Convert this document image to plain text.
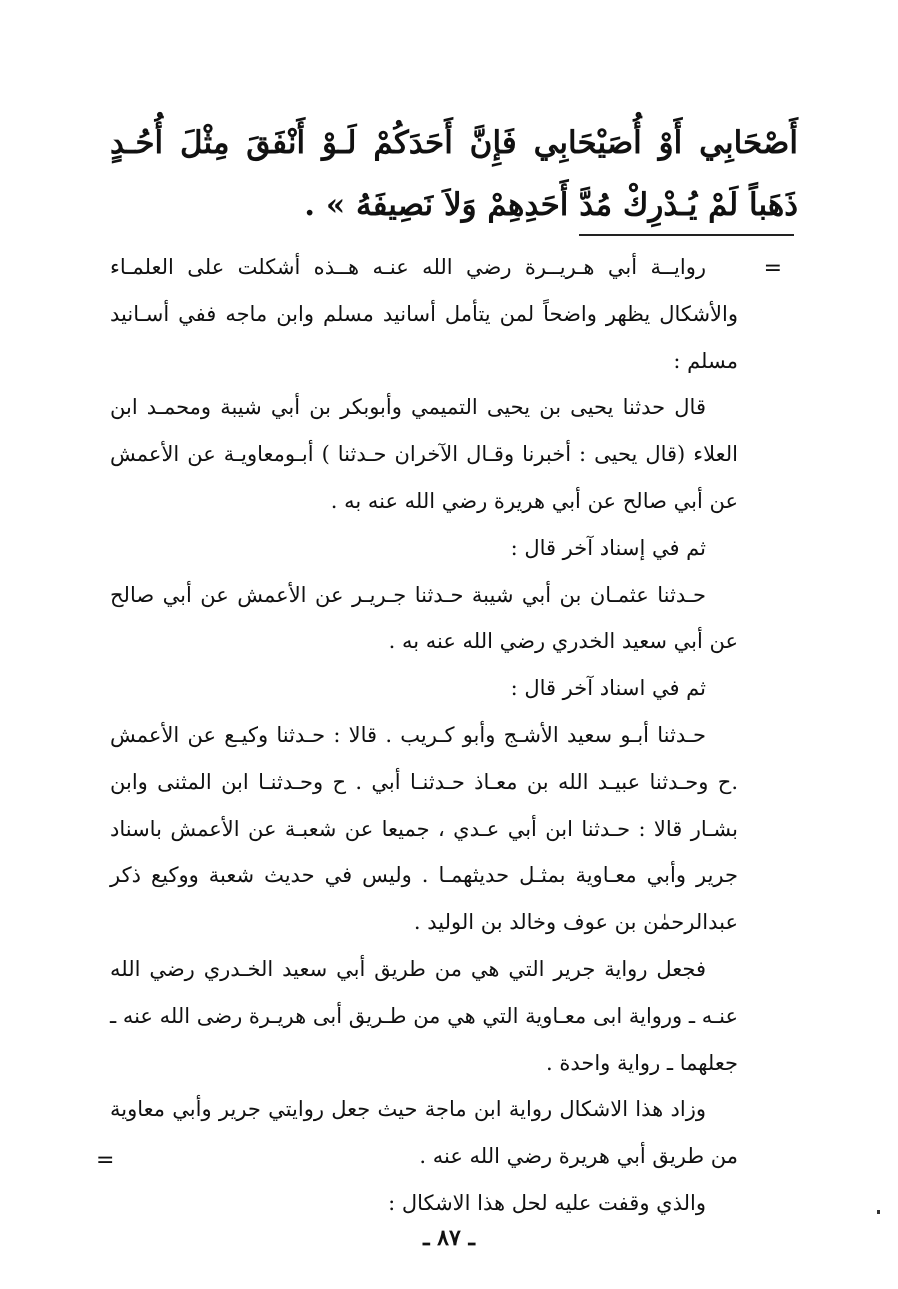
أَصْحَابِي أَوْ أُصَيْحَابِي فَإِنَّ أَحَدَكُمْ لَـوْ أَنْفَقَ مِثْلَ أُحُـدٍ ذَهَباً لَمْ يُـدْرِكْ مُدَّ أَحَدِهِمْ وَلاَ نَصِيفَهُ » .
=

روايــة أبي هـريــرة رضي الله عنـه هــذه أشكلت على العلمـاء والأشكال يظهر واضحاً لمن يتأمل أسانيد مسلم وابن ماجه ففي أسـانيد مسلم :

قال حدثنا يحيى بن يحيى التميمي وأبوبكر بن أبي شيبة ومحمـد ابن العلاء (قال يحيى : أخبرنا وقـال الآخران حـدثنا ) أبـومعاويـة عن الأعمش عن أبي صالح عن أبي هريرة رضي الله عنه به .

ثم في إسناد آخر قال :

حـدثنا عثمـان بن أبي شيبة حـدثنا جـريـر عن الأعمش عن أبي صالح عن أبي سعيد الخدري رضي الله عنه به .

ثم في اسناد آخر قال :

حـدثنا أبـو سعيد الأشـج وأبو كـريب . قالا : حـدثنا وكيـع عن الأعمش .ح وحـدثنا عبيـد الله بن معـاذ حـدثنـا أبي . ح وحـدثنـا ابن المثنى وابن بشـار قالا : حـدثنا ابن أبي عـدي ، جميعا عن شعبـة عن الأعمش باسناد جرير وأبي معـاوية بمثـل حديثهمـا . وليس في حديث شعبة ووكيع ذكر عبدالرحمٰن بن عوف وخالد بن الوليد .

فجعل رواية جرير التي هي من طريق أبي سعيد الخـدري رضي الله عنـه ـ ورواية ابى معـاوية التي هي من طـريق أبى هريـرة رضى الله عنه ـ جعلهما ـ رواية واحدة .

وزاد هذا الاشكال رواية ابن ماجة حيث جعل روايتي جرير وأبي معاوية من طريق أبي هريرة رضي الله عنه .

والذي وقفت عليه لحل هذا الاشكال :

=
ـ ٨٧ ـ
